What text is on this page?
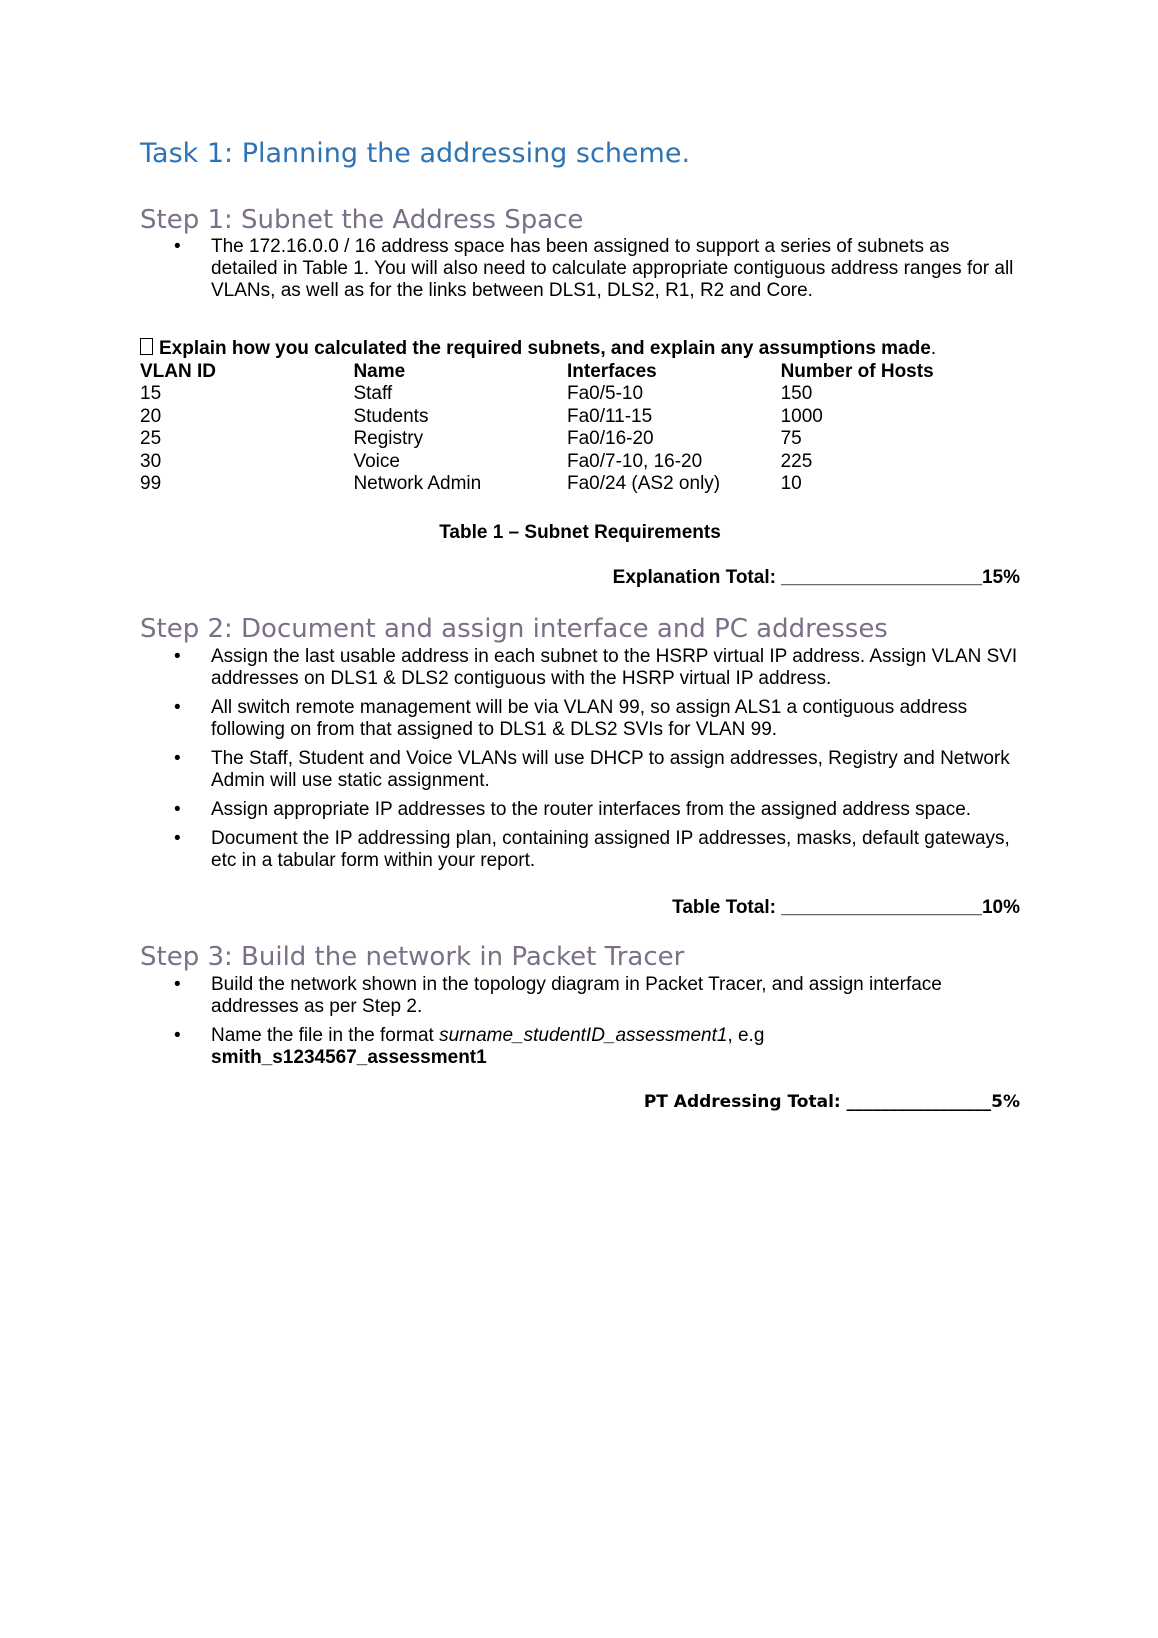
Task 1: Planning the addressing scheme.
Step 1: Subnet the Address Space
• The 172.16.0.0 / 16 address space has been assigned to support a series of subnets as detailed in Table 1. You will also need to calculate appropriate contiguous address ranges for all VLANs, as well as for the links between DLS1, DLS2, R1, R2 and Core.
Explain how you calculated the required subnets, and explain any assumptions made.
VLAN ID	Name	Interfaces	Number of Hosts
15	Staff	Fa0/5-10	150
20	Students	Fa0/11-15	1000
25	Registry	Fa0/16-20	75
30	Voice	Fa0/7-10, 16-20	225
99	Network Admin	Fa0/24 (AS2 only)	10
Table 1 – Subnet Requirements
Explanation Total: ___________________15%
Step 2: Document and assign interface and PC addresses
• Assign the last usable address in each subnet to the HSRP virtual IP address. Assign VLAN SVI addresses on DLS1 & DLS2 contiguous with the HSRP virtual IP address.
• All switch remote management will be via VLAN 99, so assign ALS1 a contiguous address following on from that assigned to DLS1 & DLS2 SVIs for VLAN 99.
• The Staff, Student and Voice VLANs will use DHCP to assign addresses, Registry and Network Admin will use static assignment.
• Assign appropriate IP addresses to the router interfaces from the assigned address space.
• Document the IP addressing plan, containing assigned IP addresses, masks, default gateways, etc in a tabular form within your report.
Table Total: ___________________10%
Step 3: Build the network in Packet Tracer
• Build the network shown in the topology diagram in Packet Tracer, and assign interface addresses as per Step 2.
• Name the file in the format surname_studentID_assessment1, e.g
smith_s1234567_assessment1
PT Addressing Total: _________________5%
